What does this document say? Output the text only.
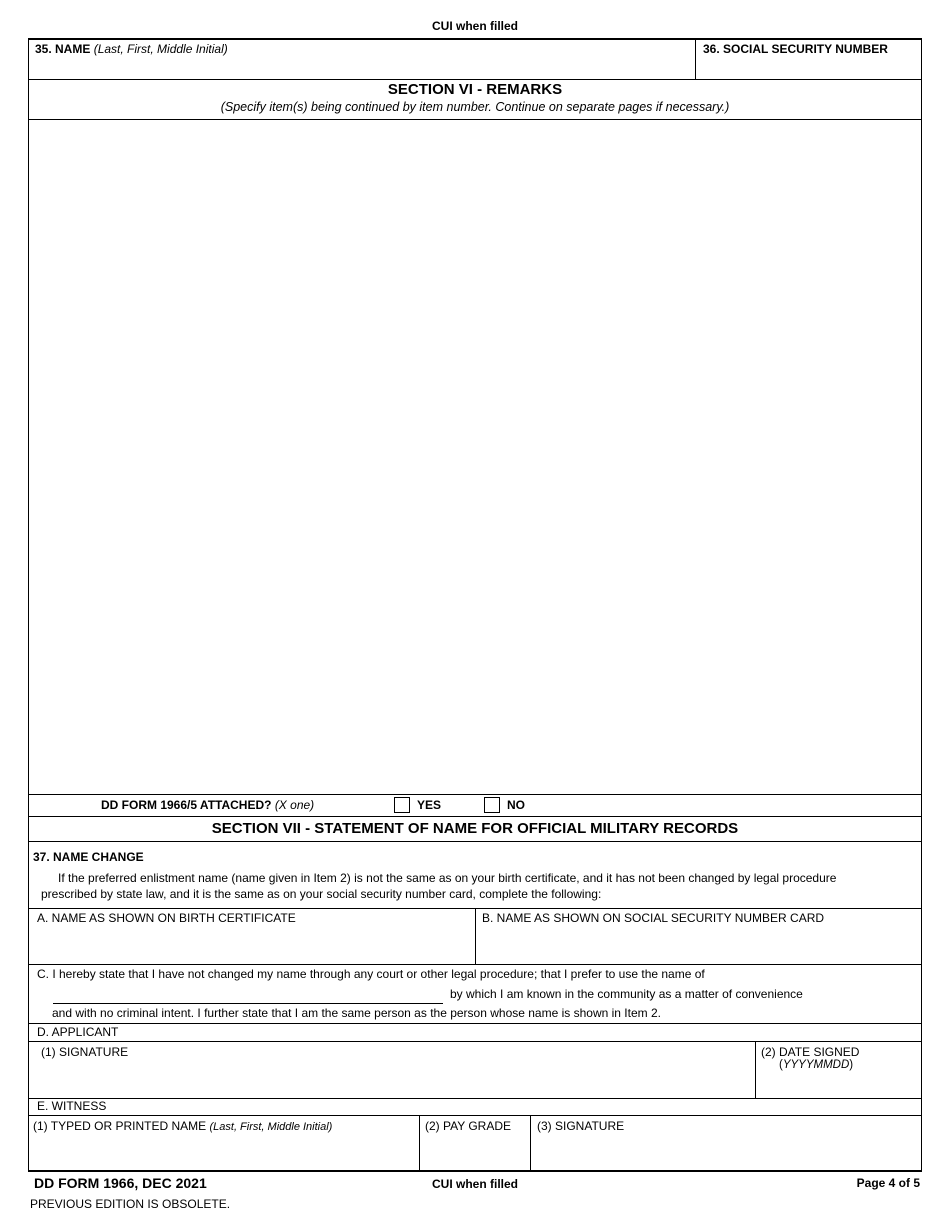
CUI when filled
35. NAME (Last, First, Middle Initial)	36. SOCIAL SECURITY NUMBER
SECTION VI - REMARKS
(Specify item(s) being continued by item number. Continue on separate pages if necessary.)
DD FORM 1966/5 ATTACHED? (X one)	YES	NO
SECTION VII - STATEMENT OF NAME FOR OFFICIAL MILITARY RECORDS
37. NAME CHANGE
If the preferred enlistment name (name given in Item 2) is not the same as on your birth certificate, and it has not been changed by legal procedure
prescribed by state law, and it is the same as on your social security number card, complete the following:
A. NAME AS SHOWN ON BIRTH CERTIFICATE	B. NAME AS SHOWN ON SOCIAL SECURITY NUMBER CARD
C. I hereby state that I have not changed my name through any court or other legal procedure; that I prefer to use the name of
by which I am known in the community as a matter of convenience
and with no criminal intent. I further state that I am the same person as the person whose name is shown in Item 2.
D. APPLICANT
(1) SIGNATURE	(2) DATE SIGNED
(YYYYMMDD)
E. WITNESS
(1) TYPED OR PRINTED NAME (Last, First, Middle Initial)	(2) PAY GRADE (3) SIGNATURE
DD FORM 1966, DEC 2021	CUI when filled	Page 4 of 5
PREVIOUS EDITION IS OBSOLETE.
